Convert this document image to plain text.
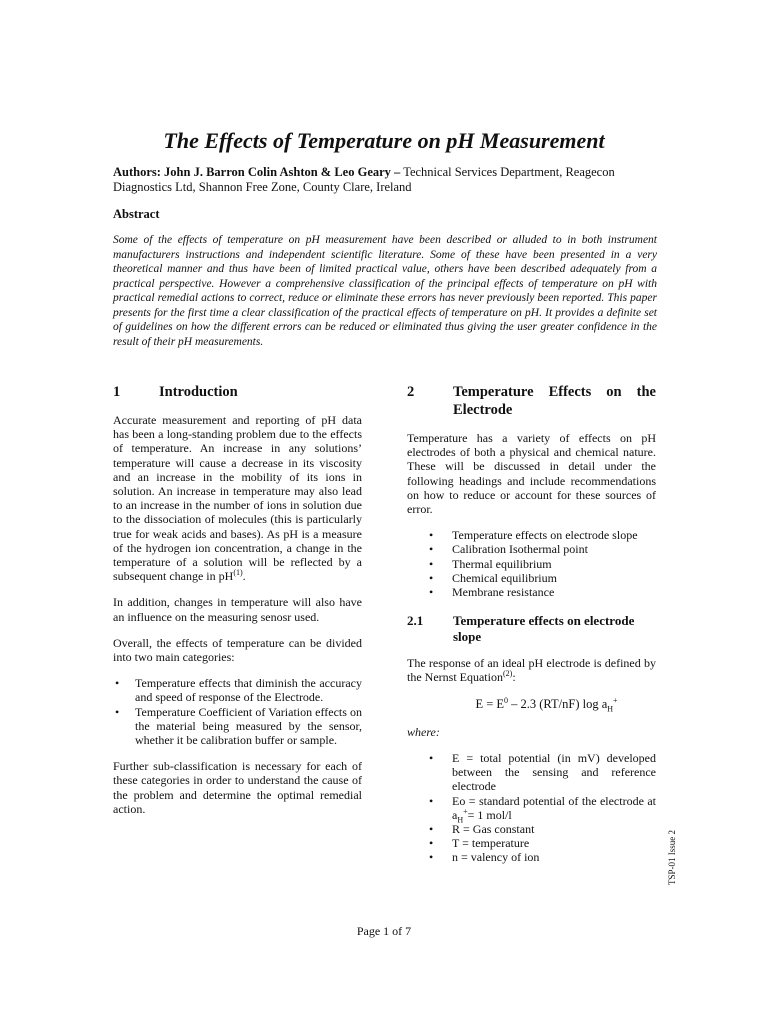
The Effects of Temperature on pH Measurement
Authors: John J. Barron Colin Ashton & Leo Geary – Technical Services Department, Reagecon Diagnostics Ltd, Shannon Free Zone, County Clare, Ireland
Abstract

Some of the effects of temperature on pH measurement have been described or alluded to in both instrument manufacturers instructions and independent scientific literature. Some of these have been presented in a very theoretical manner and thus have been of limited practical value, others have been described adequately from a practical perspective. However a comprehensive classification of the principal effects of temperature on pH with practical remedial actions to correct, reduce or eliminate these errors has never previously been reported. This paper presents for the first time a clear classification of the practical effects of temperature on pH. It provides a definite set of guidelines on how the different errors can be reduced or eliminated thus giving the user greater confidence in the result of their pH measurements.

1	Introduction

Accurate measurement and reporting of pH data has been a long-standing problem due to the effects of temperature. An increase in any solutions’ temperature will cause a decrease in its viscosity and an increase in the mobility of its ions in solution. An increase in temperature may also lead to an increase in the number of ions in solution due to the dissociation of molecules (this is particularly true for weak acids and bases). As pH is a measure of the hydrogen ion concentration, a change in the temperature of a solution will be reflected by a subsequent change in $pH^{(1)}$.

In addition, changes in temperature will also have an influence on the measuring senosr used.

Overall, the effects of temperature can be divided into two main categories:

• Temperature effects that diminish the accuracy and speed of response of the Electrode.
• Temperature Coefficient of Variation effects on the material being measured by the sensor, whether it be calibration buffer or sample.

Further sub-classification is necessary for each of these categories in order to understand the cause of the problem and determine the optimal remedial action.

2	Temperature Effects on the Electrode

Temperature has a variety of effects on pH electrodes of both a physical and chemical nature. These will be discussed in detail under the following headings and include recommendations on how to reduce or account for these sources of error.

• Temperature effects on electrode slope
• Calibration Isothermal point
• Thermal equilibrium
• Chemical equilibrium
• Membrane resistance
2.1	Temperature effects on electrode slope

The response of an ideal pH electrode is defined by the Nernst Equation$^{(2)}$:

$E = E^0 - 2.3$ (RT/nF) $\log a_H^+$
where:
• E = total potential (in mV) developed between the sensing and reference electrode
• Eo = standard potential of the electrode at $a_H^+= 1$ mol/l
• R = Gas constant
• T = temperature
• n = valency of ion
Page 1 of 7
TSP-01 Issue 2
